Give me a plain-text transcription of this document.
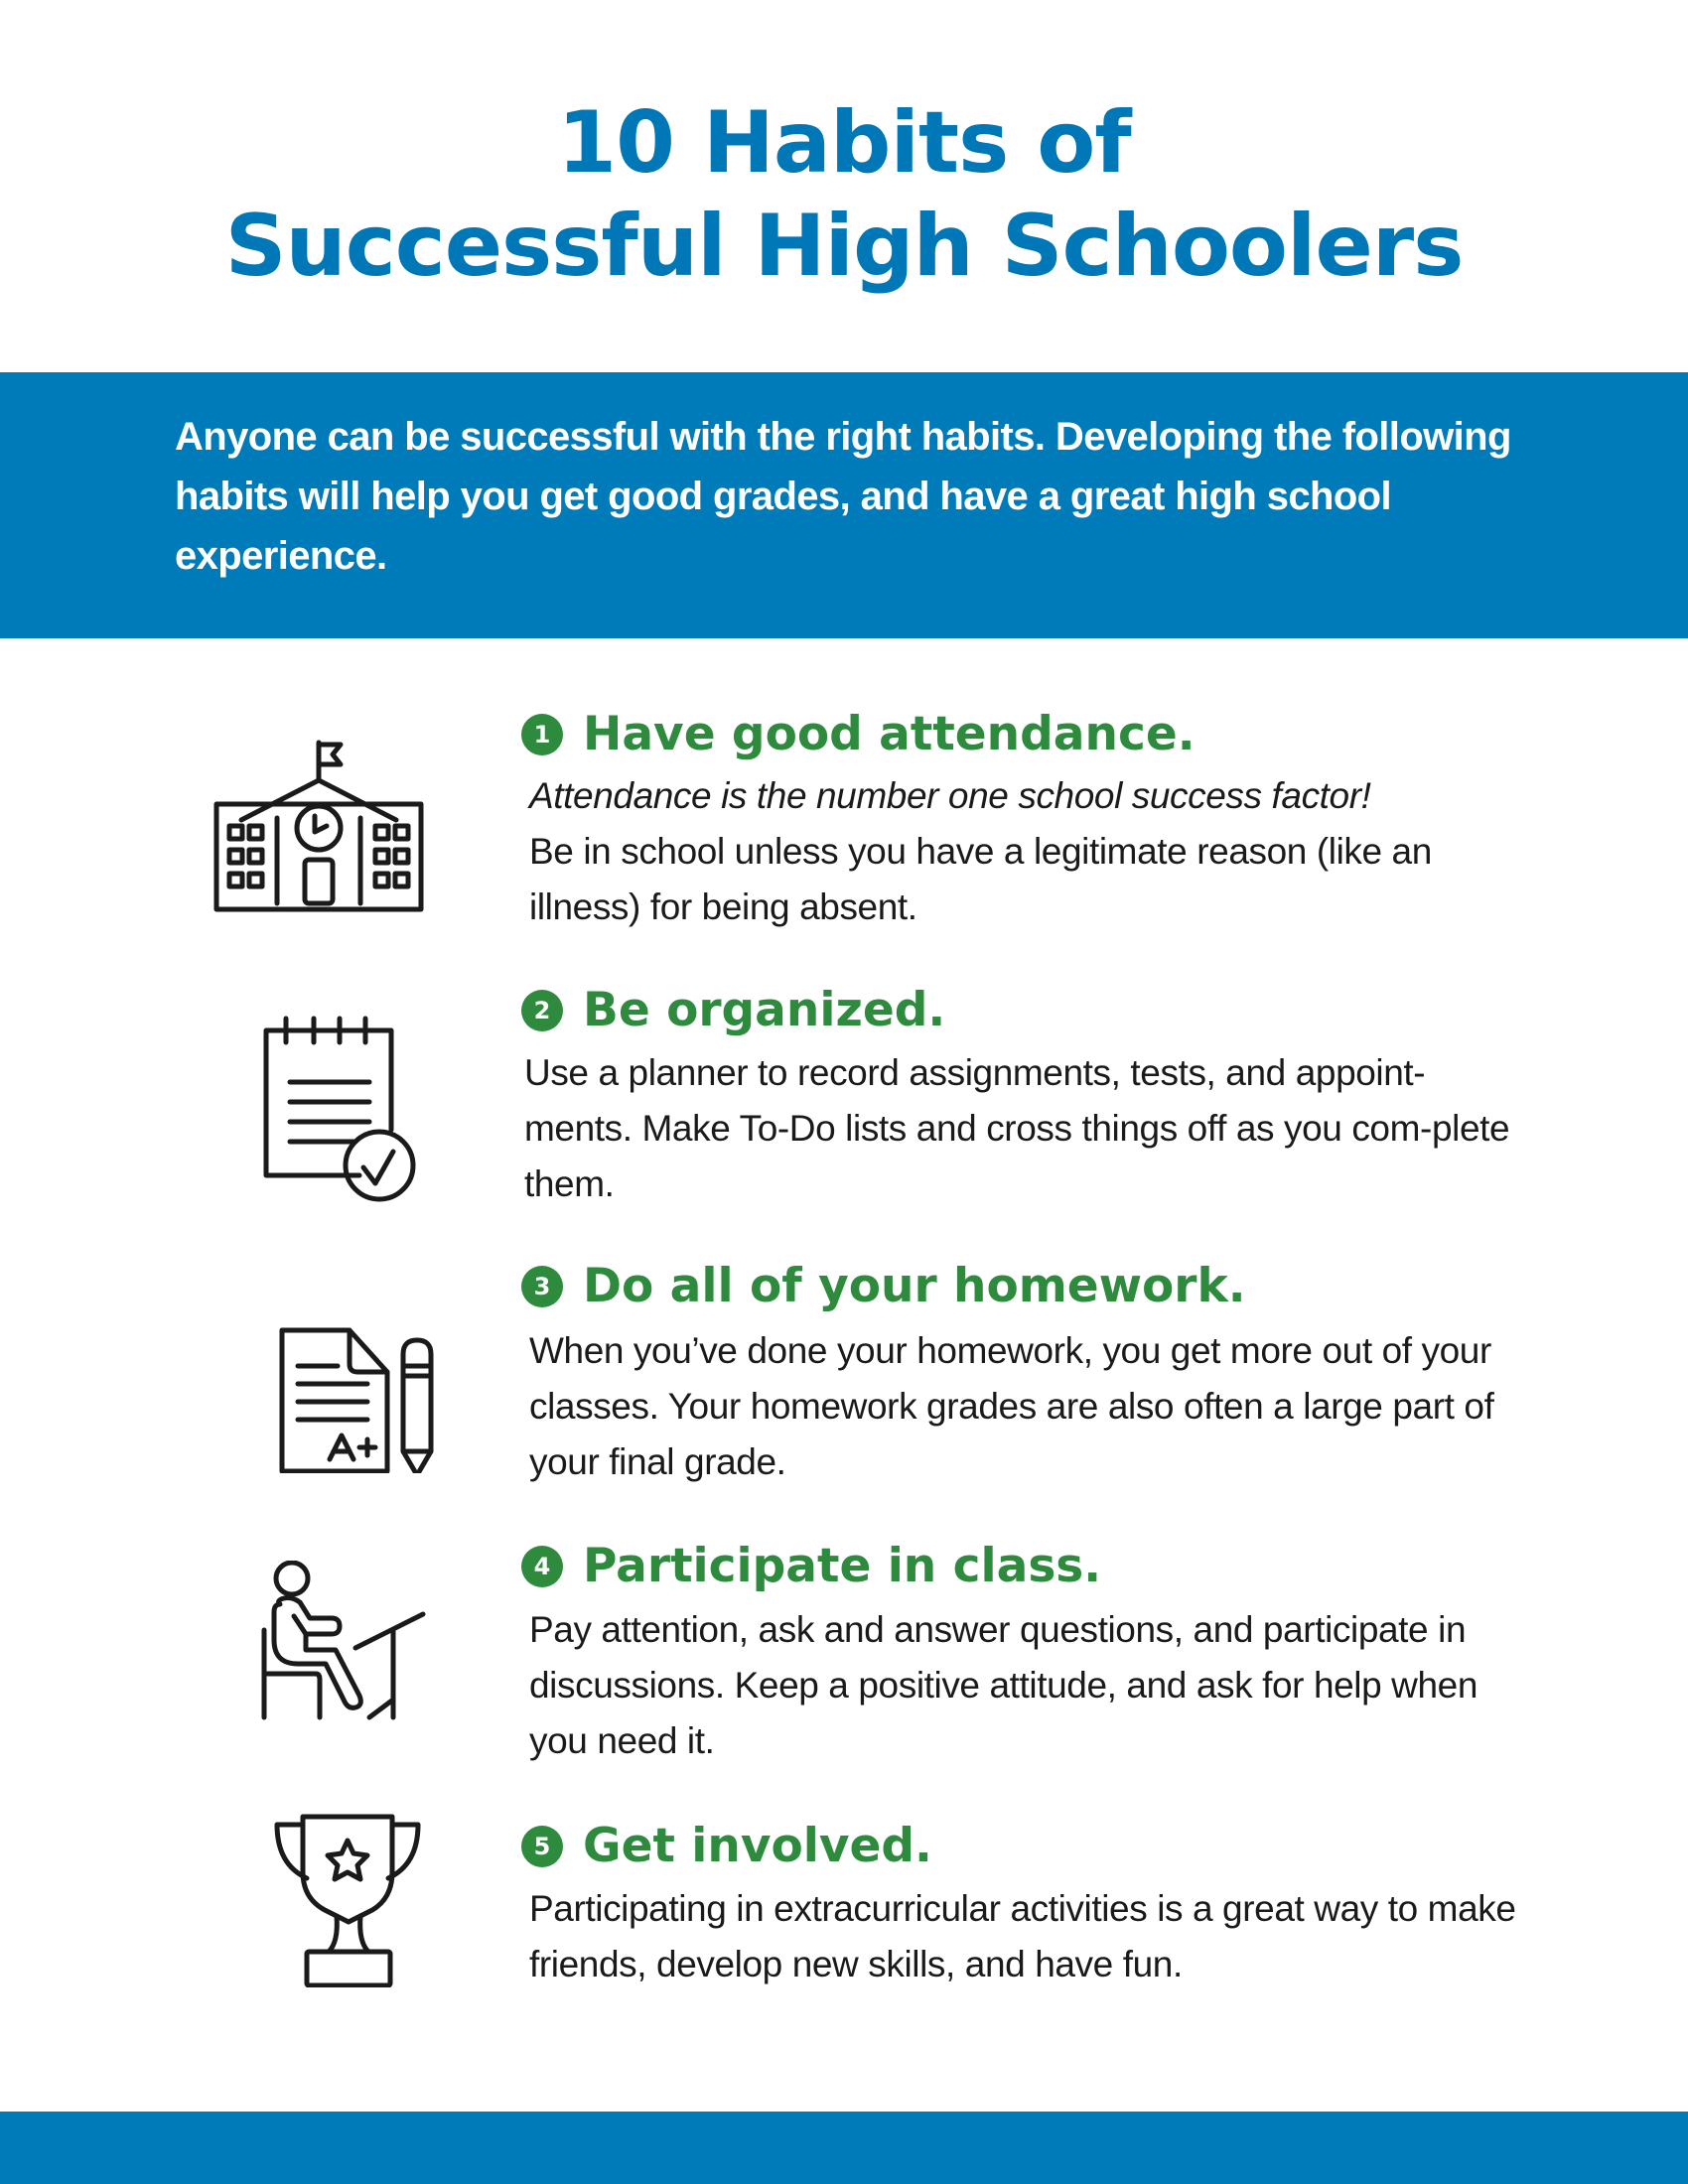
10 Habits of
Successful High Schoolers
Anyone can be successful with the right habits. Developing the following habits will help you get good grades, and have a great high school experience.
1 Have good attendance.
Attendance is the number one school success factor!
Be in school unless you have a legitimate reason (like an illness) for being absent.
2 Be organized.
Use a planner to record assignments, tests, and appoint-ments. Make To-Do lists and cross things off as you com-plete them.
3 Do all of your homework.
When you’ve done your homework, you get more out of your classes. Your homework grades are also often a large part of your final grade.
4 Participate in class.
Pay attention, ask and answer questions, and participate in discussions. Keep a positive attitude, and ask for help when you need it.
5 Get involved.
Participating in extracurricular activities is a great way to make friends, develop new skills, and have fun.
